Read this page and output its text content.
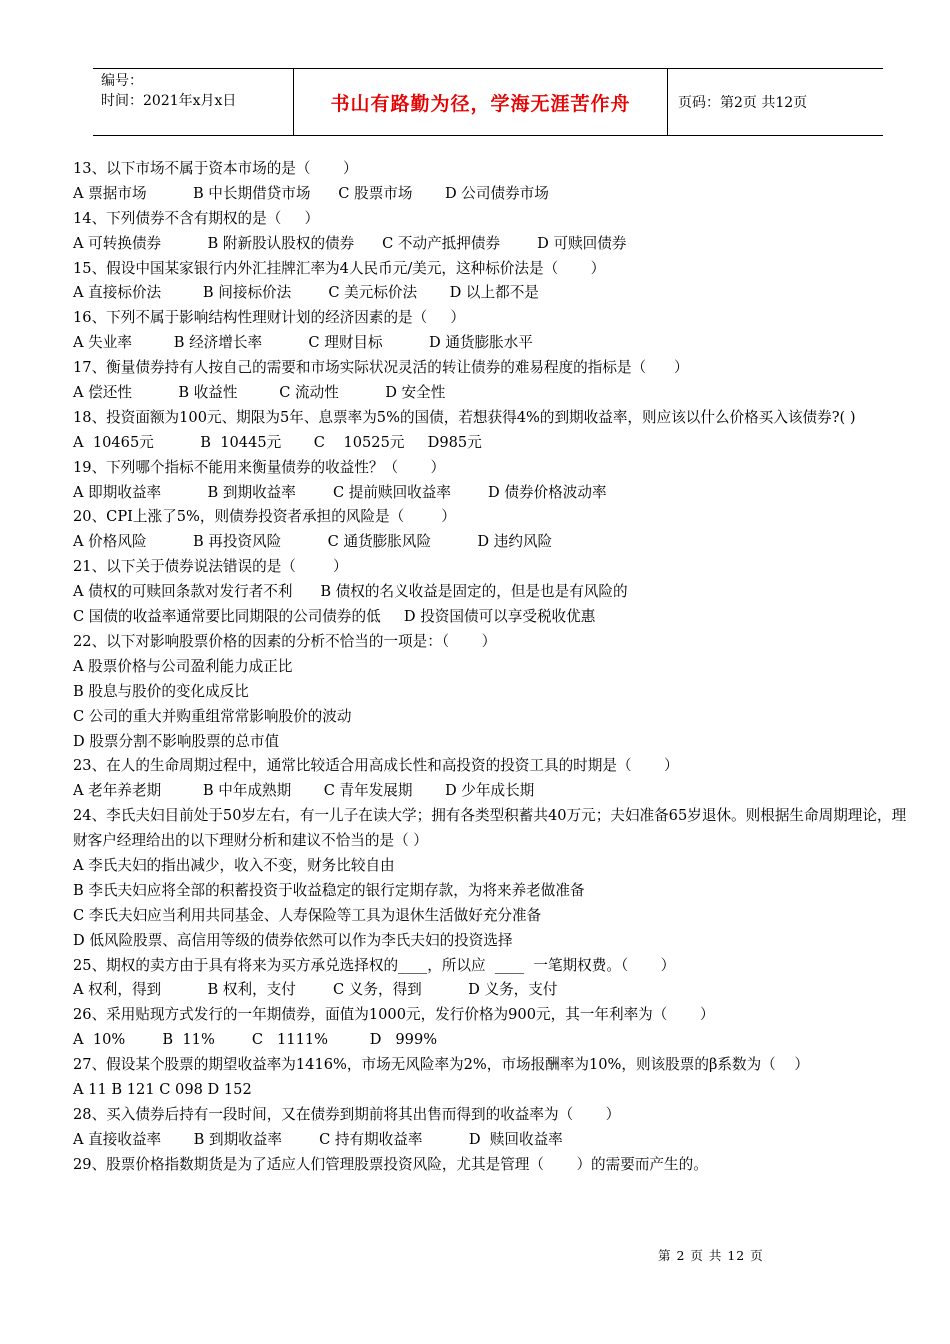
编号：
时间：2021年x月x日	书山有路勤为径，学海无涯苦作舟	页码：第2页 共12页
13、以下市场不属于资本市场的是（       ）
A 票据市场          B 中长期借贷市场      C 股票市场       D 公司债券市场
14、下列债券不含有期权的是（     ）
A 可转换债券          B 附新股认股权的债券      C 不动产抵押债券        D 可赎回债券
15、假设中国某家银行内外汇挂牌汇率为4人民币元/美元，这种标价法是（       ）
A 直接标价法         B 间接标价法        C 美元标价法       D 以上都不是
16、下列不属于影响结构性理财计划的经济因素的是（     ）
A 失业率         B 经济增长率          C 理财目标          D 通货膨胀水平
17、衡量债券持有人按自己的需要和市场实际状况灵活的转让债券的难易程度的指标是（      ）
A 偿还性          B 收益性         C 流动性          D 安全性
18、投资面额为100元、期限为5年、息票率为5%的国债，若想获得4%的到期收益率，则应该以什么价格买入该债券?( )
A  10465元          B  10445元       C    10525元     D985元
19、下列哪个指标不能用来衡量债券的收益性？（       ）
A 即期收益率          B 到期收益率        C 提前赎回收益率        D 债券价格波动率
20、CPI上涨了5%，则债券投资者承担的风险是（        ）
A 价格风险          B 再投资风险          C 通货膨胀风险          D 违约风险
21、以下关于债券说法错误的是（        ）
A 债权的可赎回条款对发行者不利      B 债权的名义收益是固定的，但是也是有风险的
C 国债的收益率通常要比同期限的公司债券的低     D 投资国债可以享受税收优惠
22、以下对影响股票价格的因素的分析不恰当的一项是：（       ）
A 股票价格与公司盈利能力成正比
B 股息与股价的变化成反比
C 公司的重大并购重组常常影响股价的波动
D 股票分割不影响股票的总市值
23、在人的生命周期过程中，通常比较适合用高成长性和高投资的投资工具的时期是（       ）
A 老年养老期         B 中年成熟期       C 青年发展期       D 少年成长期
24、李氏夫妇目前处于50岁左右，有一儿子在读大学；拥有各类型积蓄共40万元；夫妇准备65岁退休。则根据生命周期理论，理财客户经理给出的以下理财分析和建议不恰当的是（ ）
A 李氏夫妇的指出减少，收入不变，财务比较自由
B 李氏夫妇应将全部的积蓄投资于收益稳定的银行定期存款，为将来养老做准备
C 李氏夫妇应当利用共同基金、人寿保险等工具为退休生活做好充分准备
D 低风险股票、高信用等级的债券依然可以作为李氏夫妇的投资选择
25、期权的卖方由于具有将来为买方承兑选择权的____，所以应  ____  一笔期权费。（       ）
A 权利，得到          B 权利，支付        C 义务，得到          D 义务，支付
26、采用贴现方式发行的一年期债券，面值为1000元，发行价格为900元，其一年利率为（       ）
A  10%        B  11%        C   1111%         D   999%
27、假设某个股票的期望收益率为1416%，市场无风险率为2%，市场报酬率为10%，则该股票的β系数为（    ）
A 11 B 121 C 098 D 152
28、买入债券后持有一段时间，又在债券到期前将其出售而得到的收益率为（       ）
A 直接收益率       B 到期收益率        C 持有期收益率          D  赎回收益率
29、股票价格指数期货是为了适应人们管理股票投资风险，尤其是管理（       ）的需要而产生的。
第 2 页 共 12 页
